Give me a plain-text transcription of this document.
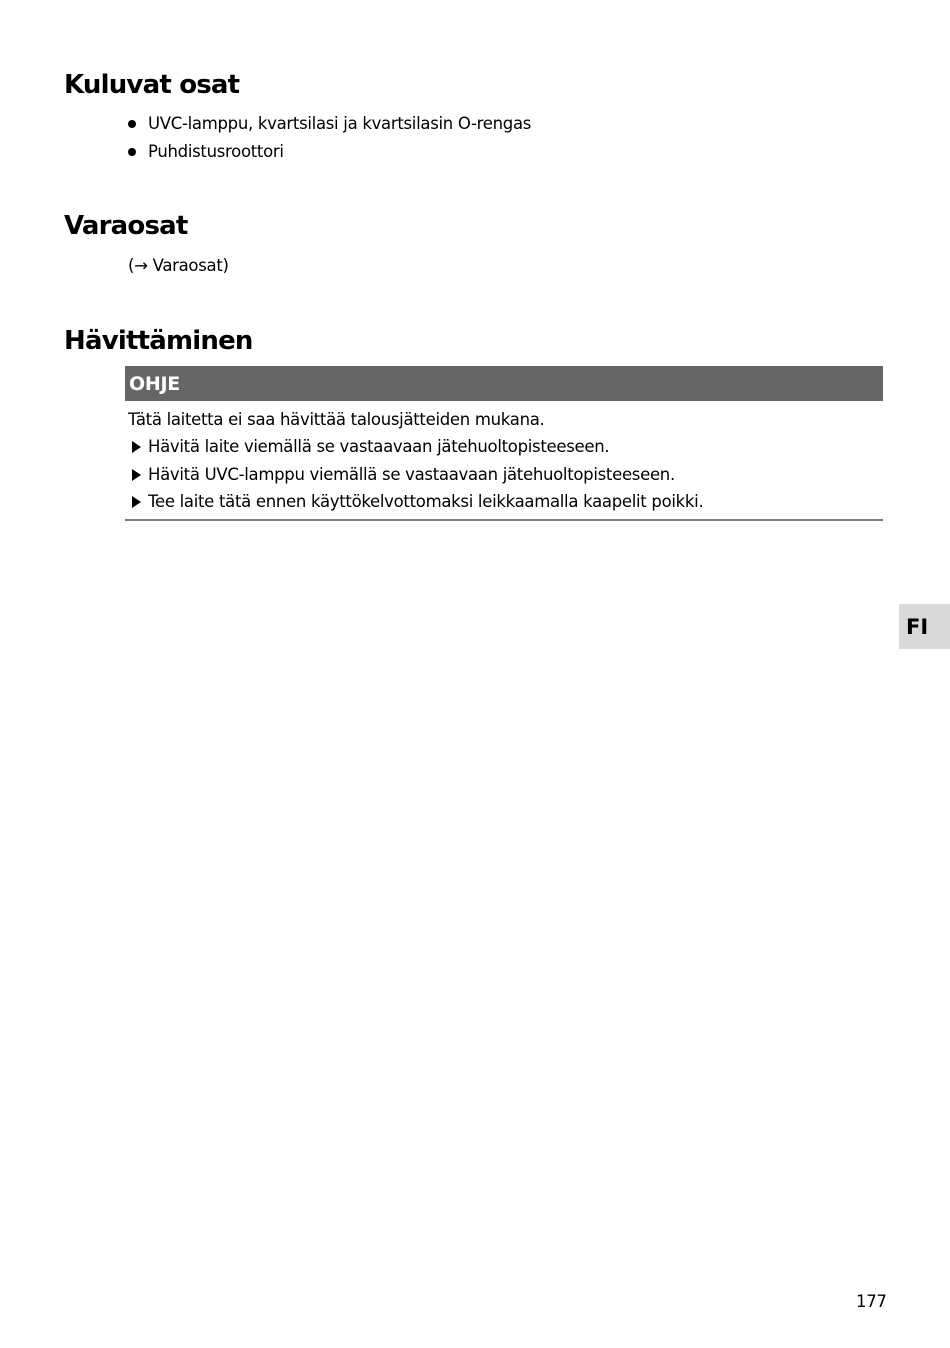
Kuluvat osat
UVC-lamppu, kvartsilasi ja kvartsilasin O-rengas
Puhdistusroottori
Varaosat
(→ Varaosat)
Hävittäminen
OHJE

Tätä laitetta ei saa hävittää talousjätteiden mukana.

Hävitä laite viemällä se vastaavaan jätehuoltopisteeseen.
Hävitä UVC-lamppu viemällä se vastaavaan jätehuoltopisteeseen.
Tee laite tätä ennen käyttökelvottomaksi leikkaamalla kaapelit poikki.
FI
177
